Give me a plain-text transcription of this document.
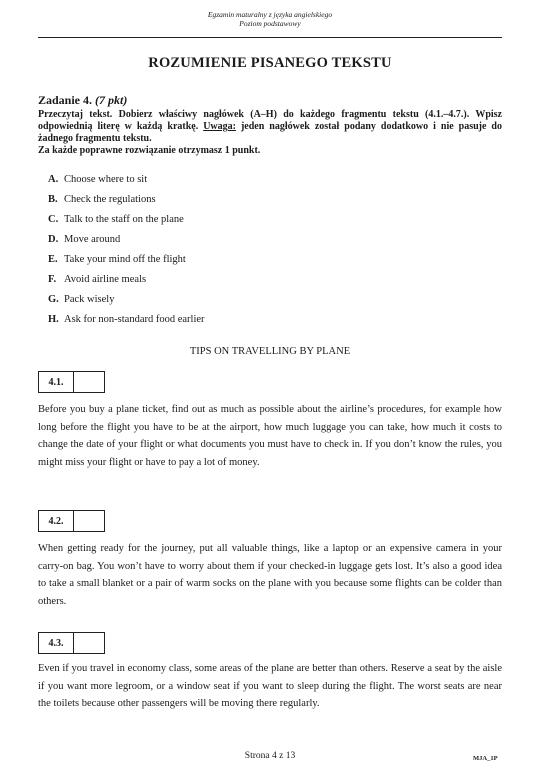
Egzamin maturalny z języka angielskiego
Poziom podstawowy
ROZUMIENIE PISANEGO TEKSTU
Zadanie 4. (7 pkt)
Przeczytaj tekst. Dobierz właściwy nagłówek (A–H) do każdego fragmentu tekstu (4.1.–4.7.). Wpisz odpowiednią literę w każdą kratkę. Uwaga: jeden nagłówek został podany dodatkowo i nie pasuje do żadnego fragmentu tekstu.
Za każde poprawne rozwiązanie otrzymasz 1 punkt.
A. Choose where to sit
B. Check the regulations
C. Talk to the staff on the plane
D. Move around
E. Take your mind off the flight
F. Avoid airline meals
G. Pack wisely
H. Ask for non-standard food earlier
TIPS ON TRAVELLING BY PLANE
4.1.

Before you buy a plane ticket, find out as much as possible about the airline’s procedures, for example how long before the flight you have to be at the airport, how much luggage you can take, how much it costs to change the date of your flight or what documents you must have to check in. If you don’t know the rules, you might miss your flight or have to pay a lot of money.

4.2.

When getting ready for the journey, put all valuable things, like a laptop or an expensive camera in your carry-on bag. You won’t have to worry about them if your checked-in luggage gets lost. It’s also a good idea to take a small blanket or a pair of warm socks on the plane with you because some flights can be colder than others.

4.3.

Even if you travel in economy class, some areas of the plane are better than others. Reserve a seat by the aisle if you want more legroom, or a window seat if you want to sleep during the flight. The worst seats are near the toilets because other passengers will be moving there regularly.

Strona 4 z 13	MJA_1P
